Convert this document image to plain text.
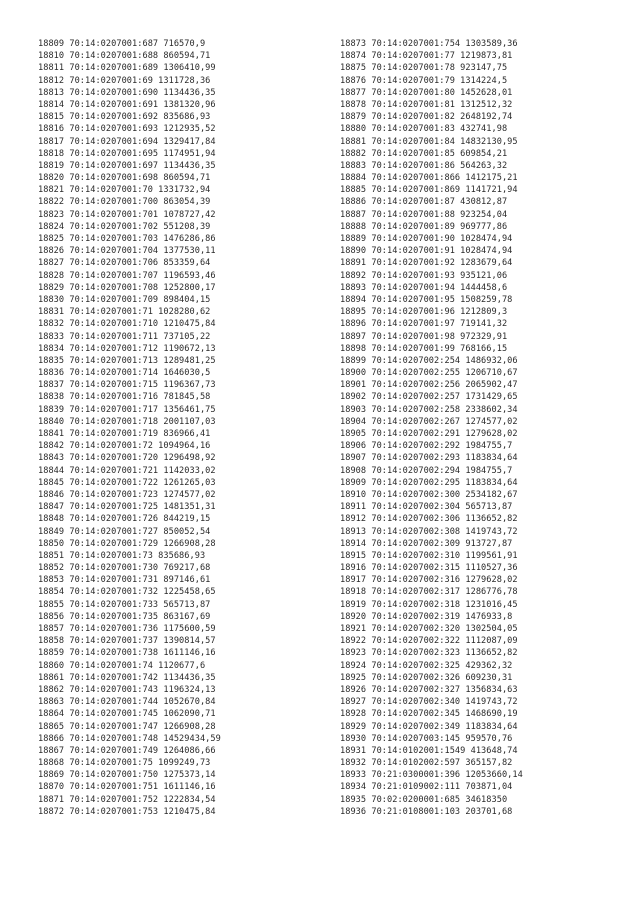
18809 70:14:0207001:687 716570,9
18810 70:14:0207001:688 860594,71
18811 70:14:0207001:689 1306410,99
18812 70:14:0207001:69 1311728,36
18813 70:14:0207001:690 1134436,35
18814 70:14:0207001:691 1381320,96
18815 70:14:0207001:692 835686,93
18816 70:14:0207001:693 1212935,52
18817 70:14:0207001:694 1329417,84
18818 70:14:0207001:695 1174951,94
18819 70:14:0207001:697 1134436,35
18820 70:14:0207001:698 860594,71
18821 70:14:0207001:70 1331732,94
18822 70:14:0207001:700 863054,39
18823 70:14:0207001:701 1078727,42
18824 70:14:0207001:702 551208,39
18825 70:14:0207001:703 1476286,86
18826 70:14:0207001:704 1377530,11
18827 70:14:0207001:706 853359,64
18828 70:14:0207001:707 1196593,46
18829 70:14:0207001:708 1252800,17
18830 70:14:0207001:709 898404,15
18831 70:14:0207001:71 1028280,62
18832 70:14:0207001:710 1210475,84
18833 70:14:0207001:711 737105,22
18834 70:14:0207001:712 1190672,13
18835 70:14:0207001:713 1289481,25
18836 70:14:0207001:714 1646030,5
18837 70:14:0207001:715 1196367,73
18838 70:14:0207001:716 781845,58
18839 70:14:0207001:717 1356461,75
18840 70:14:0207001:718 2001107,03
18841 70:14:0207001:719 836966,41
18842 70:14:0207001:72 1094964,16
18843 70:14:0207001:720 1296498,92
18844 70:14:0207001:721 1142033,02
18845 70:14:0207001:722 1261265,03
18846 70:14:0207001:723 1274577,02
18847 70:14:0207001:725 1481351,31
18848 70:14:0207001:726 844219,15
18849 70:14:0207001:727 850052,54
18850 70:14:0207001:729 1266908,28
18851 70:14:0207001:73 835686,93
18852 70:14:0207001:730 769217,68
18853 70:14:0207001:731 897146,61
18854 70:14:0207001:732 1225458,65
18855 70:14:0207001:733 565713,87
18856 70:14:0207001:735 863167,69
18857 70:14:0207001:736 1175600,59
18858 70:14:0207001:737 1390814,57
18859 70:14:0207001:738 1611146,16
18860 70:14:0207001:74 1120677,6
18861 70:14:0207001:742 1134436,35
18862 70:14:0207001:743 1196324,13
18863 70:14:0207001:744 1052670,84
18864 70:14:0207001:745 1062090,71
18865 70:14:0207001:747 1266908,28
18866 70:14:0207001:748 14529434,59
18867 70:14:0207001:749 1264086,66
18868 70:14:0207001:75 1099249,73
18869 70:14:0207001:750 1275373,14
18870 70:14:0207001:751 1611146,16
18871 70:14:0207001:752 1222834,54
18872 70:14:0207001:753 1210475,84
18873 70:14:0207001:754 1303589,36
18874 70:14:0207001:77 1219873,81
18875 70:14:0207001:78 923147,75
18876 70:14:0207001:79 1314224,5
18877 70:14:0207001:80 1452628,01
18878 70:14:0207001:81 1312512,32
18879 70:14:0207001:82 2648192,74
18880 70:14:0207001:83 432741,98
18881 70:14:0207001:84 14832130,95
18882 70:14:0207001:85 609854,21
18883 70:14:0207001:86 564263,32
18884 70:14:0207001:866 1412175,21
18885 70:14:0207001:869 1141721,94
18886 70:14:0207001:87 430812,87
18887 70:14:0207001:88 923254,04
18888 70:14:0207001:89 969777,86
18889 70:14:0207001:90 1028474,94
18890 70:14:0207001:91 1028474,94
18891 70:14:0207001:92 1283679,64
18892 70:14:0207001:93 935121,06
18893 70:14:0207001:94 1444458,6
18894 70:14:0207001:95 1508259,78
18895 70:14:0207001:96 1212809,3
18896 70:14:0207001:97 719141,32
18897 70:14:0207001:98 972329,91
18898 70:14:0207001:99 768166,15
18899 70:14:0207002:254 1486932,06
18900 70:14:0207002:255 1206710,67
18901 70:14:0207002:256 2065902,47
18902 70:14:0207002:257 1731429,65
18903 70:14:0207002:258 2338602,34
18904 70:14:0207002:267 1274577,02
18905 70:14:0207002:291 1279628,02
18906 70:14:0207002:292 1984755,7
18907 70:14:0207002:293 1183834,64
18908 70:14:0207002:294 1984755,7
18909 70:14:0207002:295 1183834,64
18910 70:14:0207002:300 2534182,67
18911 70:14:0207002:304 565713,87
18912 70:14:0207002:306 1136652,82
18913 70:14:0207002:308 1419743,72
18914 70:14:0207002:309 913727,87
18915 70:14:0207002:310 1199561,91
18916 70:14:0207002:315 1110527,36
18917 70:14:0207002:316 1279628,02
18918 70:14:0207002:317 1286776,78
18919 70:14:0207002:318 1231016,45
18920 70:14:0207002:319 1476933,8
18921 70:14:0207002:320 1302504,05
18922 70:14:0207002:322 1112087,09
18923 70:14:0207002:323 1136652,82
18924 70:14:0207002:325 429362,32
18925 70:14:0207002:326 609230,31
18926 70:14:0207002:327 1356834,63
18927 70:14:0207002:340 1419743,72
18928 70:14:0207002:345 1468690,19
18929 70:14:0207002:349 1183834,64
18930 70:14:0207003:145 959570,76
18931 70:14:0102001:1549 413648,74
18932 70:14:0102002:597 365157,82
18933 70:21:0300001:396 12053660,14
18934 70:21:0109002:111 703871,04
18935 70:02:0200001:685 34618350
18936 70:21:0108001:103 203701,68
